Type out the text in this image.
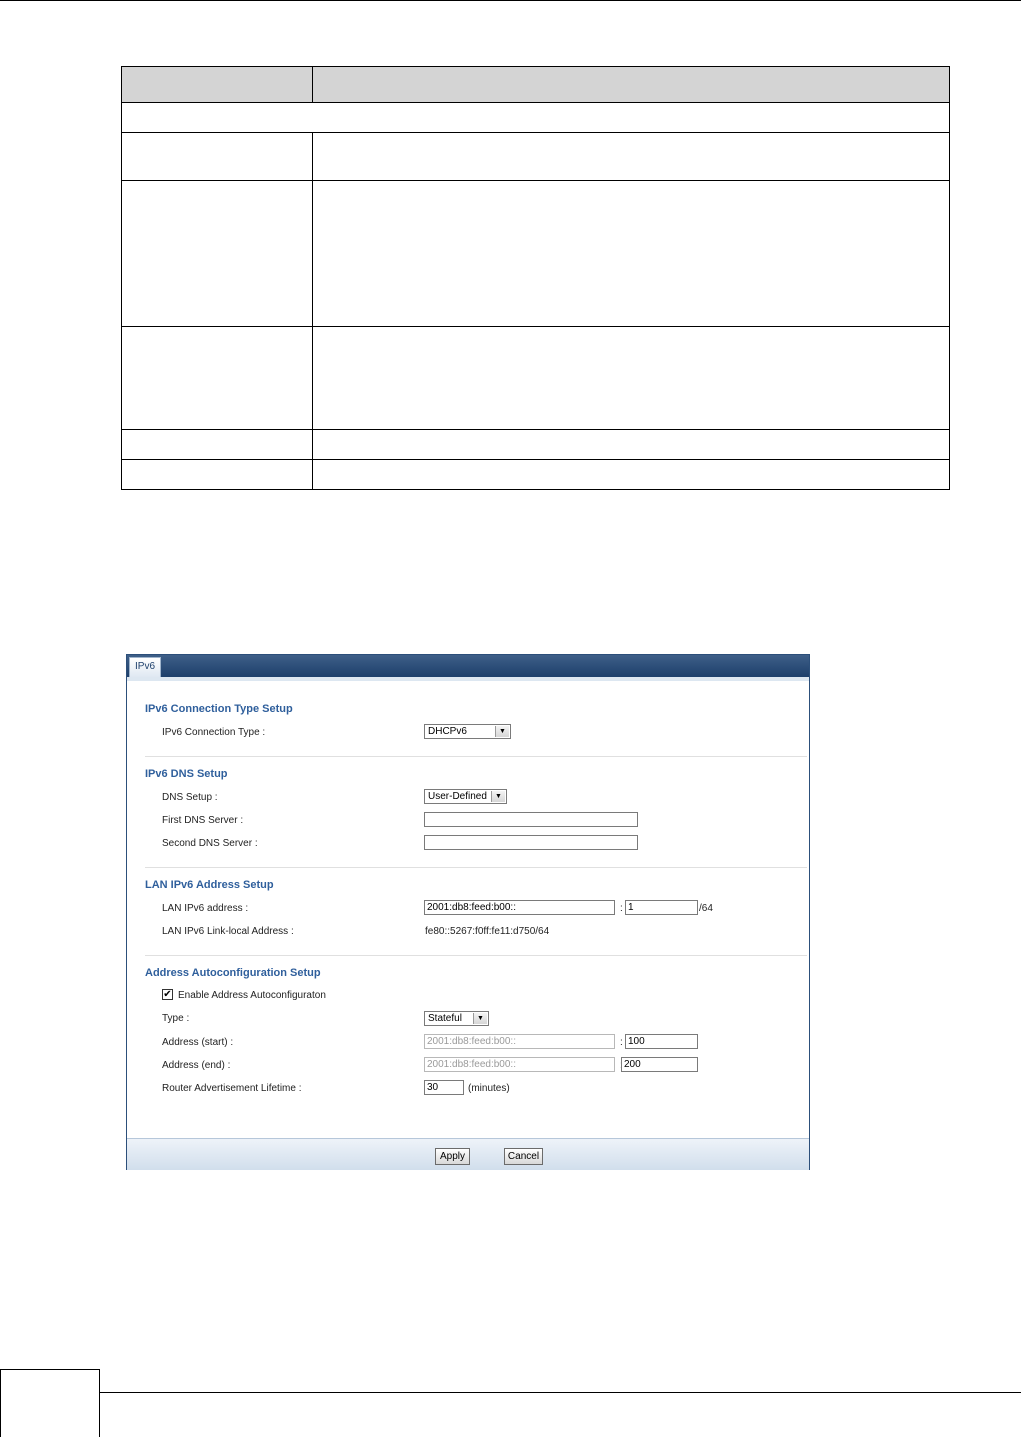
IPv6
IPv6 Connection Type Setup
IPv6 Connection Type :	DHCPv6	▼
IPv6 DNS Setup
DNS Setup :	User-Defined	▼
First DNS Server :
Second DNS Server :
LAN IPv6 Address Setup
LAN IPv6 address :	2001:db8:feed:b00::	: 1	/64
LAN IPv6 Link-local Address :	fe80::5267:f0ff:fe11:d750/64
Address Autoconfiguration Setup
✔ Enable Address Autoconfiguraton
Type :	Stateful	▼
Address (start) :	2001:db8:feed:b00::	: 100
Address (end) :	2001:db8:feed:b00::	200
Router Advertisement Lifetime :	30	(minutes)
Apply	Cancel
